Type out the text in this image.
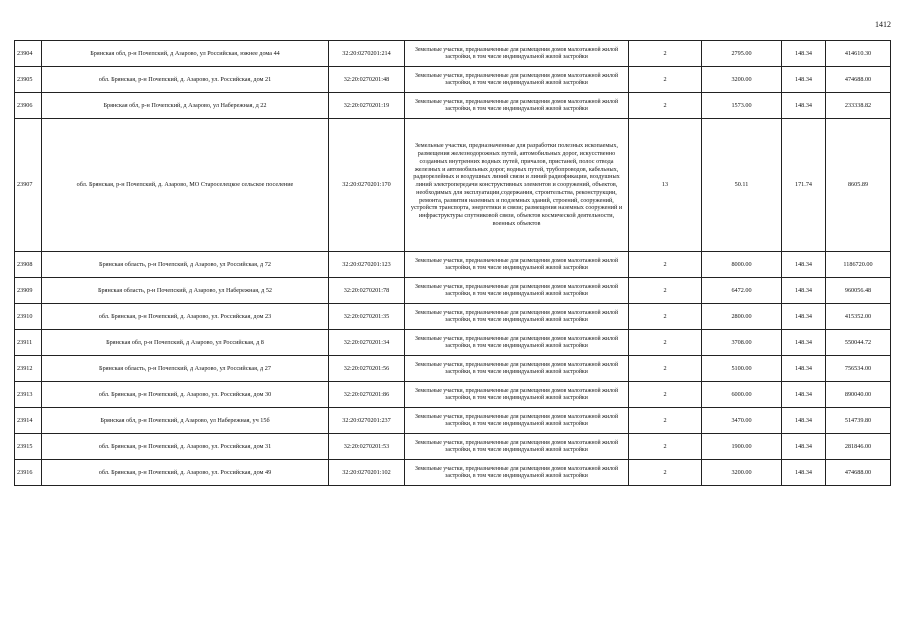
1412
23904	Брянская обл, р-н Почепский, д Азарово, ул Российская, южнее дома 44	32:20:0270201:214	Земельные участки, предназначенные для размещения домов малоэтажной жилой застройки, в том числе индивидуальной жилой застройки	2	2795.00	148.34	414610.30
23905	обл. Брянская, р-н Почепский, д. Азарово, ул. Российская, дом 21	32:20:0270201:48	Земельные участки, предназначенные для размещения домов малоэтажной жилой застройки, в том числе индивидуальной жилой застройки	2	3200.00	148.34	474688.00
23906	Брянская обл, р-н Почепский, д Азарово, ул Набережная, д 22	32:20:0270201:19	Земельные участки, предназначенные для размещения домов малоэтажной жилой застройки, в том числе индивидуальной жилой застройки	2	1573.00	148.34	233338.82
23907	обл. Брянская, р-н Почепский, д. Азарово, МО Староселецкое сельское поселение	32:20:0270201:170	Земельные участки, предназначенные для разработки полезных ископаемых, размещения железнодорожных путей, автомобильных дорог, искусственно созданных внутренних водных путей, причалов, пристаней, полос отвода железных и автомобильных дорог, водных путей, трубопроводов, кабельных, радиорелейных и воздушных линий связи и линий радиофикации, воздушных линий электропередачи конструктивных элементов и сооружений, объектов, необходимых для эксплуатации,содержания, строительства, реконструкции, ремонта, развития наземных и подземных зданий, строений, сооружений, устройств транспорта, энергетики и связи; размещения наземных сооружений и инфраструктуры спутниковой связи, объектов космической деятельности, военных объектов	13	50.11	171.74	8605.89
23908	Брянская область, р-н Почепский, д Азарово, ул Российская, д 72	32:20:0270201:123	Земельные участки, предназначенные для размещения домов малоэтажной жилой застройки, в том числе индивидуальной жилой застройки	2	8000.00	148.34	1186720.00
23909	Брянская область, р-н Почепский, д Азарово, ул Набережная, д 52	32:20:0270201:78	Земельные участки, предназначенные для размещения домов малоэтажной жилой застройки, в том числе индивидуальной жилой застройки	2	6472.00	148.34	960056.48
23910	обл. Брянская, р-н Почепский, д. Азарово, ул. Российская, дом 23	32:20:0270201:35	Земельные участки, предназначенные для размещения домов малоэтажной жилой застройки, в том числе индивидуальной жилой застройки	2	2800.00	148.34	415352.00
23911	Брянская обл, р-н Почепский, д Азарово, ул Российская, д 8	32:20:0270201:34	Земельные участки, предназначенные для размещения домов малоэтажной жилой застройки, в том числе индивидуальной жилой застройки	2	3708.00	148.34	550044.72
23912	Брянская область, р-н Почепский, д Азарово, ул Российская, д 27	32:20:0270201:56	Земельные участки, предназначенные для размещения домов малоэтажной жилой застройки, в том числе индивидуальной жилой застройки	2	5100.00	148.34	756534.00
23913	обл. Брянская, р-н Почепский, д. Азарово, ул. Российская, дом 30	32:20:0270201:86	Земельные участки, предназначенные для размещения домов малоэтажной жилой застройки, в том числе индивидуальной жилой застройки	2	6000.00	148.34	890040.00
23914	Брянская обл, р-н Почепский, д Азарово, ул Набережная, уч 15б	32:20:0270201:237	Земельные участки, предназначенные для размещения домов малоэтажной жилой застройки, в том числе индивидуальной жилой застройки	2	3470.00	148.34	514739.80
23915	обл. Брянская, р-н Почепский, д. Азарово, ул. Российская, дом 31	32:20:0270201:53	Земельные участки, предназначенные для размещения домов малоэтажной жилой застройки, в том числе индивидуальной жилой застройки	2	1900.00	148.34	281846.00
23916	обл. Брянская, р-н Почепский, д. Азарово, ул. Российская, дом 49	32:20:0270201:102	Земельные участки, предназначенные для размещения домов малоэтажной жилой застройки, в том числе индивидуальной жилой застройки	2	3200.00	148.34	474688.00
